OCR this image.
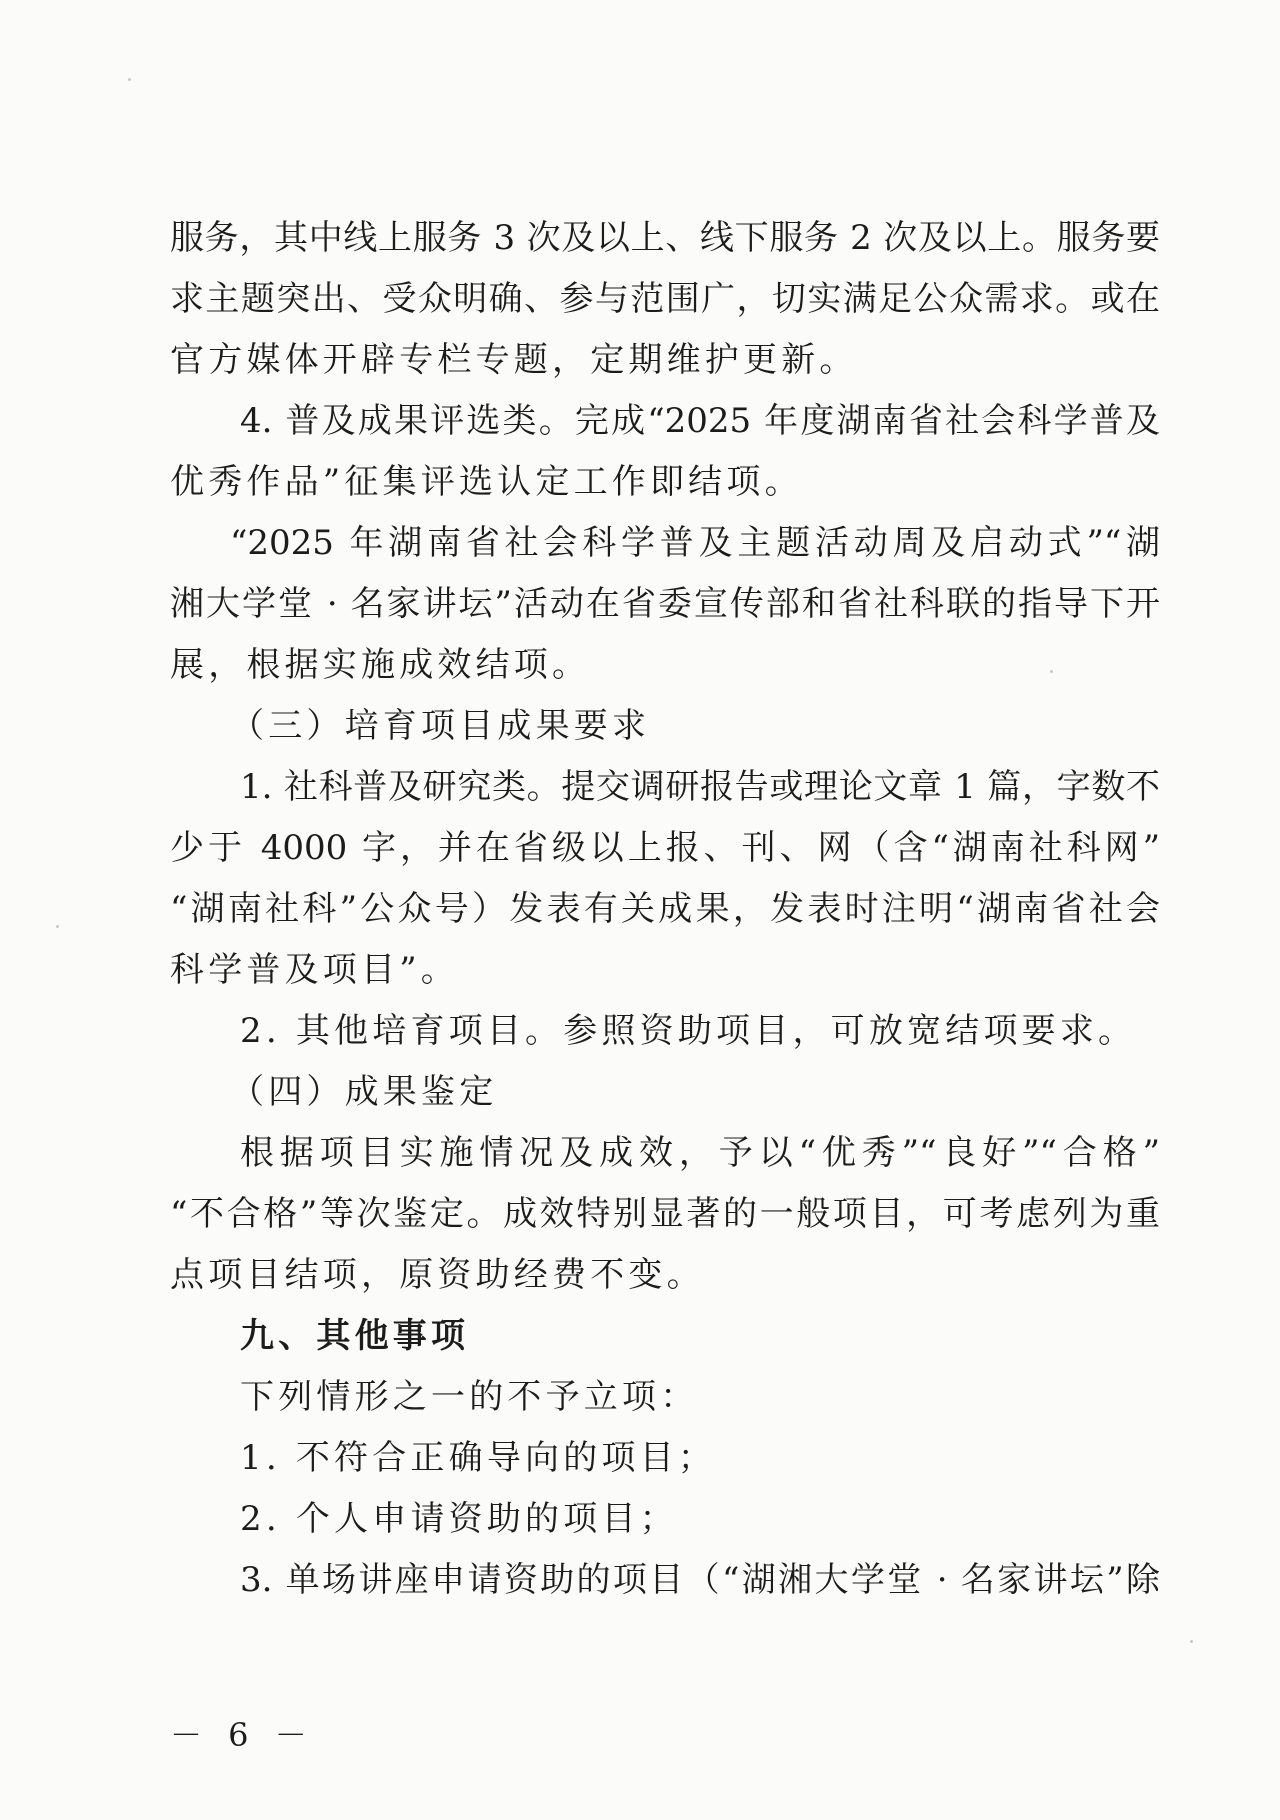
服务，其中线上服务 3 次及以上、线下服务 2 次及以上。服务要
求主题突出、受众明确、参与范围广，切实满足公众需求。或在
官方媒体开辟专栏专题，定期维护更新。
4. 普及成果评选类。完成“2025 年度湖南省社会科学普及
优秀作品”征集评选认定工作即结项。
“2025 年湖南省社会科学普及主题活动周及启动式”“湖
湘大学堂 · 名家讲坛”活动在省委宣传部和省社科联的指导下开
展，根据实施成效结项。
（三）培育项目成果要求
1. 社科普及研究类。提交调研报告或理论文章 1 篇，字数不
少于 4000 字，并在省级以上报、刊、网（含“湖南社科网”
“湖南社科”公众号）发表有关成果，发表时注明“湖南省社会
科学普及项目”。
2. 其他培育项目。参照资助项目，可放宽结项要求。
（四）成果鉴定
根据项目实施情况及成效，予以“优秀”“良好”“合格”
“不合格”等次鉴定。成效特别显著的一般项目，可考虑列为重
点项目结项，原资助经费不变。
九、其他事项
下列情形之一的不予立项：
1. 不符合正确导向的项目；
2. 个人申请资助的项目；
3. 单场讲座申请资助的项目（“湖湘大学堂 · 名家讲坛”除
－ 6 －
